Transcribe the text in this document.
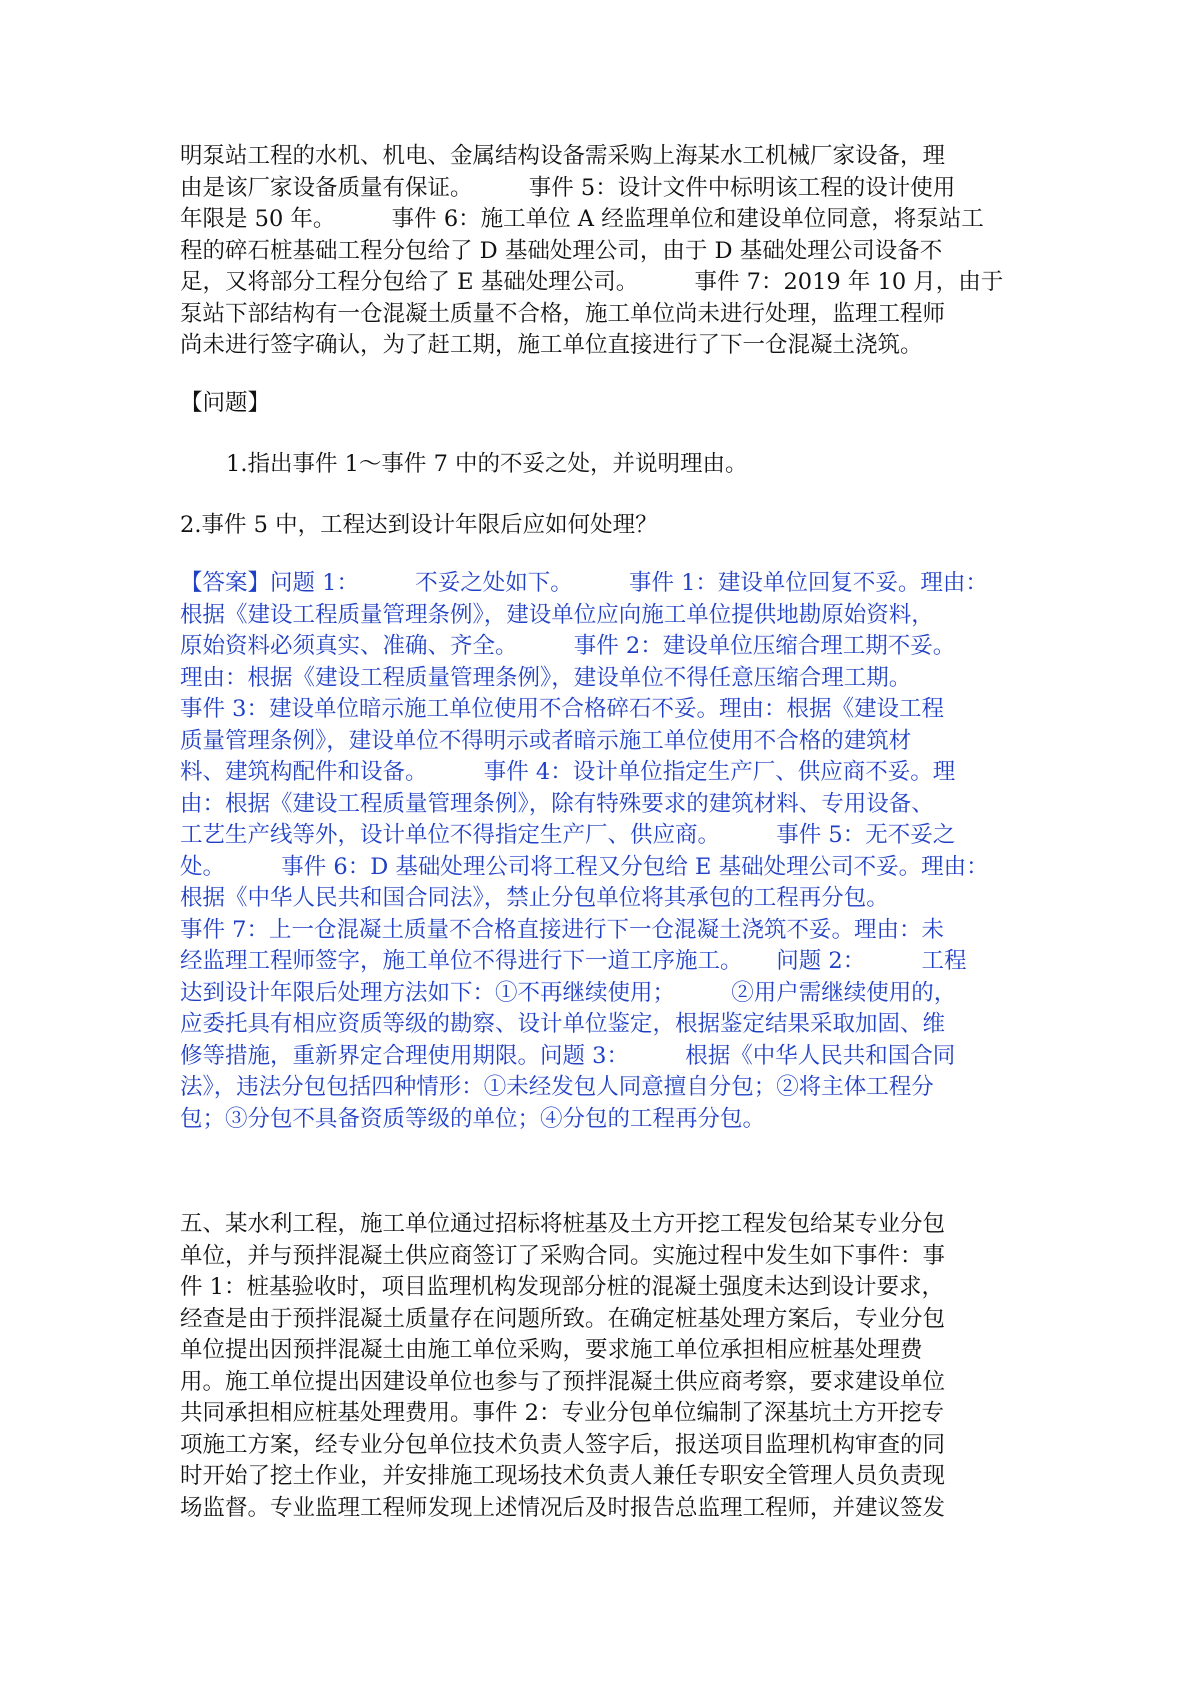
明泵站工程的水机、机电、金属结构设备需采购上海某水工机械厂家设备，理
由是该厂家设备质量有保证。　　　事件 5：设计文件中标明该工程的设计使用
年限是 50 年。　　　事件 6：施工单位 A 经监理单位和建设单位同意，将泵站工
程的碎石桩基础工程分包给了 D 基础处理公司，由于 D 基础处理公司设备不
足，又将部分工程分包给了 E 基础处理公司。　　　事件 7：2019 年 10 月，由于
泵站下部结构有一仓混凝土质量不合格，施工单位尚未进行处理，监理工程师
尚未进行签字确认，为了赶工期，施工单位直接进行了下一仓混凝土浇筑。

【问题】

1.指出事件 1～事件 7 中的不妥之处，并说明理由。

2.事件 5 中，工程达到设计年限后应如何处理？

【答案】问题 1：　　　不妥之处如下。　　　事件 1：建设单位回复不妥。理由：
根据《建设工程质量管理条例》，建设单位应向施工单位提供地勘原始资料，
原始资料必须真实、准确、齐全。　　　事件 2：建设单位压缩合理工期不妥。
理由：根据《建设工程质量管理条例》，建设单位不得任意压缩合理工期。
事件 3：建设单位暗示施工单位使用不合格碎石不妥。理由：根据《建设工程
质量管理条例》，建设单位不得明示或者暗示施工单位使用不合格的建筑材
料、建筑构配件和设备。　　　事件 4：设计单位指定生产厂、供应商不妥。理
由：根据《建设工程质量管理条例》，除有特殊要求的建筑材料、专用设备、
工艺生产线等外，设计单位不得指定生产厂、供应商。　　　事件 5：无不妥之
处。　　　事件 6：D 基础处理公司将工程又分包给 E 基础处理公司不妥。理由：
根据《中华人民共和国合同法》，禁止分包单位将其承包的工程再分包。
事件 7：上一仓混凝土质量不合格直接进行下一仓混凝土浇筑不妥。理由：未
经监理工程师签字，施工单位不得进行下一道工序施工。　　问题 2：　　　工程
达到设计年限后处理方法如下：①不再继续使用；　　　②用户需继续使用的，
应委托具有相应资质等级的勘察、设计单位鉴定，根据鉴定结果采取加固、维
修等措施，重新界定合理使用期限。问题 3：　　　根据《中华人民共和国合同
法》，违法分包包括四种情形：①未经发包人同意擅自分包；②将主体工程分
包；③分包不具备资质等级的单位；④分包的工程再分包。

五、某水利工程，施工单位通过招标将桩基及土方开挖工程发包给某专业分包
单位，并与预拌混凝土供应商签订了采购合同。实施过程中发生如下事件：事
件 1：桩基验收时，项目监理机构发现部分桩的混凝土强度未达到设计要求，
经查是由于预拌混凝土质量存在问题所致。在确定桩基处理方案后，专业分包
单位提出因预拌混凝土由施工单位采购，要求施工单位承担相应桩基处理费
用。施工单位提出因建设单位也参与了预拌混凝土供应商考察，要求建设单位
共同承担相应桩基处理费用。事件 2：专业分包单位编制了深基坑土方开挖专
项施工方案，经专业分包单位技术负责人签字后，报送项目监理机构审查的同
时开始了挖土作业，并安排施工现场技术负责人兼任专职安全管理人员负责现
场监督。专业监理工程师发现上述情况后及时报告总监理工程师，并建议签发
